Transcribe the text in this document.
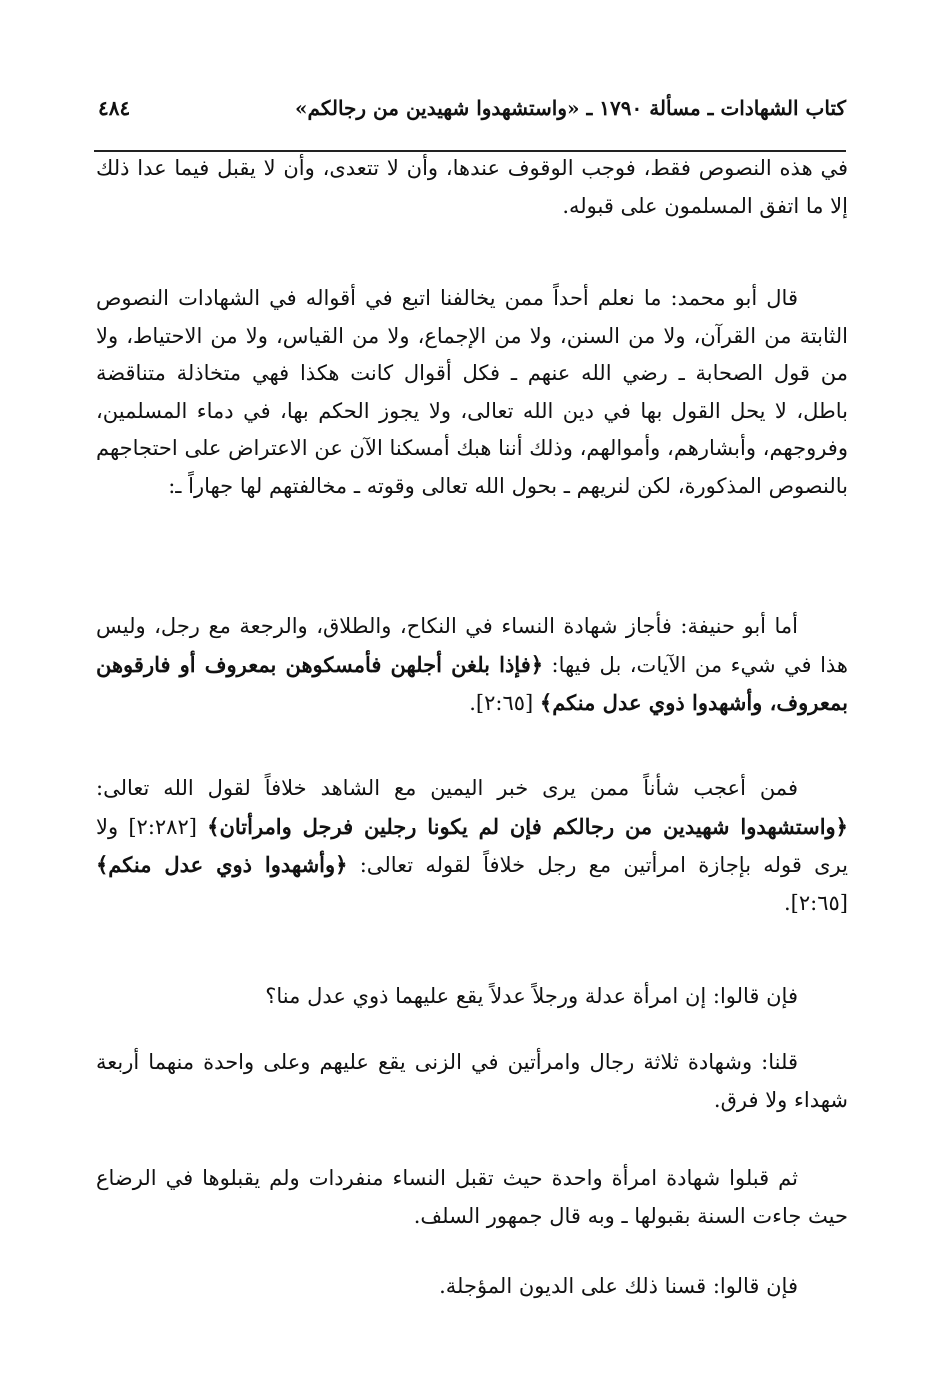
كتاب الشهادات ـ مسألة ١٧٩٠ ـ «واستشهدوا شهيدين من رجالكم»
٤٨٤

في هذه النصوص فقط، فوجب الوقوف عندها، وأن لا تتعدى، وأن لا يقبل فيما عدا ذلك إلا ما اتفق المسلمون على قبوله.

قال أبو محمد: ما نعلم أحداً ممن يخالفنا اتبع في أقواله في الشهادات النصوص الثابتة من القرآن، ولا من السنن، ولا من الإجماع، ولا من القياس، ولا من الاحتياط، ولا من قول الصحابة ـ رضي الله عنهم ـ فكل أقوال كانت هكذا فهي متخاذلة متناقضة باطل، لا يحل القول بها في دين الله تعالى، ولا يجوز الحكم بها، في دماء المسلمين، وفروجهم، وأبشارهم، وأموالهم، وذلك أننا هبك أمسكنا الآن عن الاعتراض على احتجاجهم بالنصوص المذكورة، لكن لنريهم ـ بحول الله تعالى وقوته ـ مخالفتهم لها جهاراً ـ:

أما أبو حنيفة: فأجاز شهادة النساء في النكاح، والطلاق، والرجعة مع رجل، وليس هذا في شيء من الآيات، بل فيها: ﴿فإذا بلغن أجلهن فأمسكوهن بمعروف أو فارقوهن بمعروف، وأشهدوا ذوي عدل منكم﴾ [٢:٦٥].

فمن أعجب شأناً ممن يرى خبر اليمين مع الشاهد خلافاً لقول الله تعالى: ﴿واستشهدوا شهيدين من رجالكم فإن لم يكونا رجلين فرجل وامرأتان﴾ [٢:٢٨٢] ولا يرى قوله بإجازة امرأتين مع رجل خلافاً لقوله تعالى: ﴿وأشهدوا ذوي عدل منكم﴾ [٢:٦٥].

فإن قالوا: إن امرأة عدلة ورجلاً عدلاً يقع عليهما ذوي عدل منا؟

قلنا: وشهادة ثلاثة رجال وامرأتين في الزنى يقع عليهم وعلى واحدة منهما أربعة شهداء ولا فرق.

ثم قبلوا شهادة امرأة واحدة حيث تقبل النساء منفردات ولم يقبلوها في الرضاع حيث جاءت السنة بقبولها ـ وبه قال جمهور السلف.

فإن قالوا: قسنا ذلك على الديون المؤجلة.
